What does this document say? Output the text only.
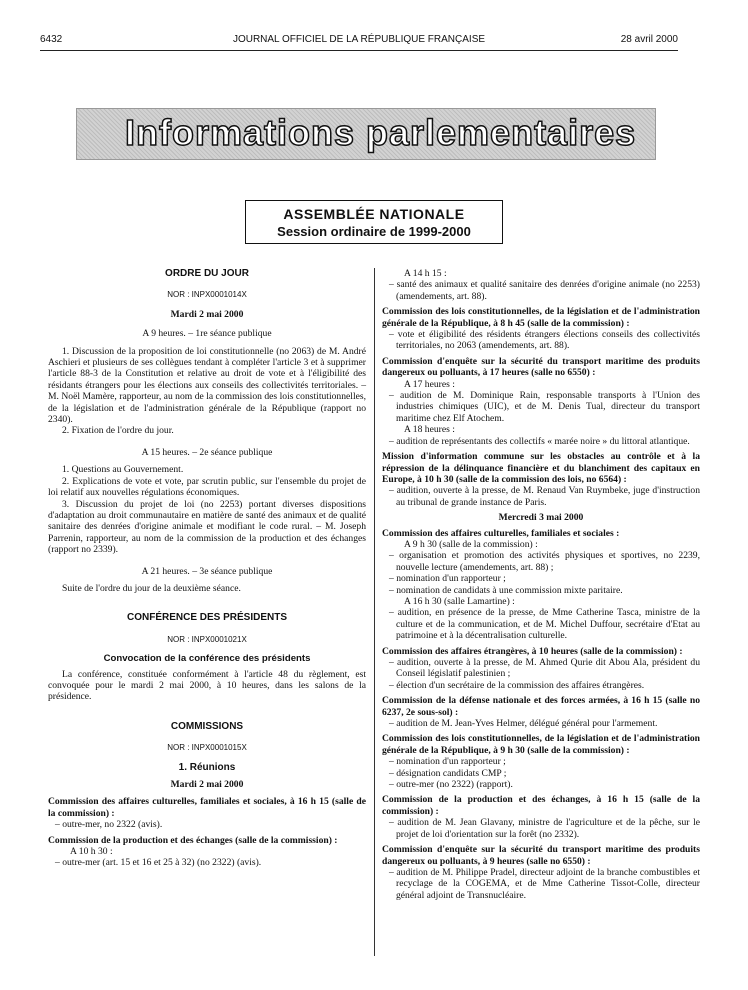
6432	JOURNAL OFFICIEL DE LA RÉPUBLIQUE FRANÇAISE	28 avril 2000
Informations parlementaires
ASSEMBLÉE NATIONALE
Session ordinaire de 1999-2000

ORDRE DU JOUR

NOR : INPX0001014X

Mardi 2 mai 2000

A 9 heures. – 1re séance publique

1. Discussion de la proposition de loi constitutionnelle (no 2063) de M. André Aschieri et plusieurs de ses collègues tendant à compléter l'article 3 et à supprimer l'article 88-3 de la Constitution et relative au droit de vote et à l'éligibilité des résidants étrangers pour les élections aux conseils des collectivités territoriales. – M. Noël Mamère, rapporteur, au nom de la commission des lois constitutionnelles, de la législation et de l'administration générale de la République (rapport no 2340).

2. Fixation de l'ordre du jour.

A 15 heures. – 2e séance publique

1. Questions au Gouvernement.

2. Explications de vote et vote, par scrutin public, sur l'ensemble du projet de loi relatif aux nouvelles régulations économiques.

3. Discussion du projet de loi (no 2253) portant diverses dispositions d'adaptation au droit communautaire en matière de santé des animaux et de qualité sanitaire des denrées d'origine animale et modifiant le code rural. – M. Joseph Parrenin, rapporteur, au nom de la commission de la production et des échanges (rapport no 2339).

A 21 heures. – 3e séance publique

Suite de l'ordre du jour de la deuxième séance.

CONFÉRENCE DES PRÉSIDENTS

NOR : INPX0001021X

Convocation de la conférence des présidents

La conférence, constituée conformément à l'article 48 du règlement, est convoquée pour le mardi 2 mai 2000, à 10 heures, dans les salons de la présidence.

COMMISSIONS

NOR : INPX0001015X

1. Réunions

Mardi 2 mai 2000

Commission des affaires culturelles, familiales et sociales, à 16 h 15 (salle de la commission) :

– outre-mer, no 2322 (avis).

Commission de la production et des échanges (salle de la commission) :

A 10 h 30 :

– outre-mer (art. 15 et 16 et 25 à 32) (no 2322) (avis).

A 14 h 15 :

– santé des animaux et qualité sanitaire des denrées d'origine animale (no 2253) (amendements, art. 88).

Commission des lois constitutionnelles, de la législation et de l'administration générale de la République, à 8 h 45 (salle de la commission) :

– vote et éligibilité des résidents étrangers élections conseils des collectivités territoriales, no 2063 (amendements, art. 88).

Commission d'enquête sur la sécurité du transport maritime des produits dangereux ou polluants, à 17 heures (salle no 6550) :

A 17 heures :

– audition de M. Dominique Rain, responsable transports à l'Union des industries chimiques (UIC), et de M. Denis Tual, directeur du transport maritime chez Elf Atochem.

A 18 heures :

– audition de représentants des collectifs « marée noire » du littoral atlantique.

Mission d'information commune sur les obstacles au contrôle et à la répression de la délinquance financière et du blanchiment des capitaux en Europe, à 10 h 30 (salle de la commission des lois, no 6564) :

– audition, ouverte à la presse, de M. Renaud Van Ruymbeke, juge d'instruction au tribunal de grande instance de Paris.

Mercredi 3 mai 2000

Commission des affaires culturelles, familiales et sociales :

A 9 h 30 (salle de la commission) :

– organisation et promotion des activités physiques et sportives, no 2239, nouvelle lecture (amendements, art. 88) ;

– nomination d'un rapporteur ;

– nomination de candidats à une commission mixte paritaire.

A 16 h 30 (salle Lamartine) :

– audition, en présence de la presse, de Mme Catherine Tasca, ministre de la culture et de la communication, et de M. Michel Duffour, secrétaire d'Etat au patrimoine et à la décentralisation culturelle.

Commission des affaires étrangères, à 10 heures (salle de la commission) :

– audition, ouverte à la presse, de M. Ahmed Qurie dit Abou Ala, président du Conseil législatif palestinien ;

– élection d'un secrétaire de la commission des affaires étrangères.

Commission de la défense nationale et des forces armées, à 16 h 15 (salle no 6237, 2e sous-sol) :

– audition de M. Jean-Yves Helmer, délégué général pour l'armement.

Commission des lois constitutionnelles, de la législation et de l'administration générale de la République, à 9 h 30 (salle de la commission) :

– nomination d'un rapporteur ;

– désignation candidats CMP ;

– outre-mer (no 2322) (rapport).

Commission de la production et des échanges, à 16 h 15 (salle de la commission) :

– audition de M. Jean Glavany, ministre de l'agriculture et de la pêche, sur le projet de loi d'orientation sur la forêt (no 2332).

Commission d'enquête sur la sécurité du transport maritime des produits dangereux ou polluants, à 9 heures (salle no 6550) :

– audition de M. Philippe Pradel, directeur adjoint de la branche combustibles et recyclage de la COGEMA, et de Mme Catherine Tissot-Colle, directeur général adjoint de Transnucléaire.
